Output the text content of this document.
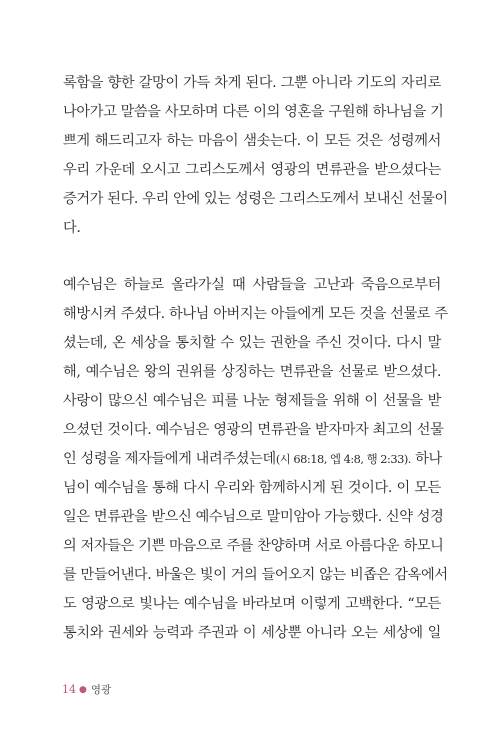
록함을 향한 갈망이 가득 차게 된다. 그뿐 아니라 기도의 자리로
나아가고 말씀을 사모하며 다른 이의 영혼을 구원해 하나님을 기
쁘게 해드리고자 하는 마음이 샘솟는다. 이 모든 것은 성령께서
우리 가운데 오시고 그리스도께서 영광의 면류관을 받으셨다는
증거가 된다. 우리 안에 있는 성령은 그리스도께서 보내신 선물이
다.
예수님은 하늘로 올라가실 때 사람들을 고난과 죽음으로부터
해방시켜 주셨다. 하나님 아버지는 아들에게 모든 것을 선물로 주
셨는데, 온 세상을 통치할 수 있는 권한을 주신 것이다. 다시 말
해, 예수님은 왕의 권위를 상징하는 면류관을 선물로 받으셨다.
사랑이 많으신 예수님은 피를 나눈 형제들을 위해 이 선물을 받
으셨던 것이다. 예수님은 영광의 면류관을 받자마자 최고의 선물
인 성령을 제자들에게 내려주셨는데(시 68:18, 엡 4:8, 행 2:33). 하나
님이 예수님을 통해 다시 우리와 함께하시게 된 것이다. 이 모든
일은 면류관을 받으신 예수님으로 말미암아 가능했다. 신약 성경
의 저자들은 기쁜 마음으로 주를 찬양하며 서로 아름다운 하모니
를 만들어낸다. 바울은 빛이 거의 들어오지 않는 비좁은 감옥에서
도 영광으로 빛나는 예수님을 바라보며 이렇게 고백한다. “모든
통치와 권세와 능력과 주권과 이 세상뿐 아니라 오는 세상에 일
14 ● 영광
